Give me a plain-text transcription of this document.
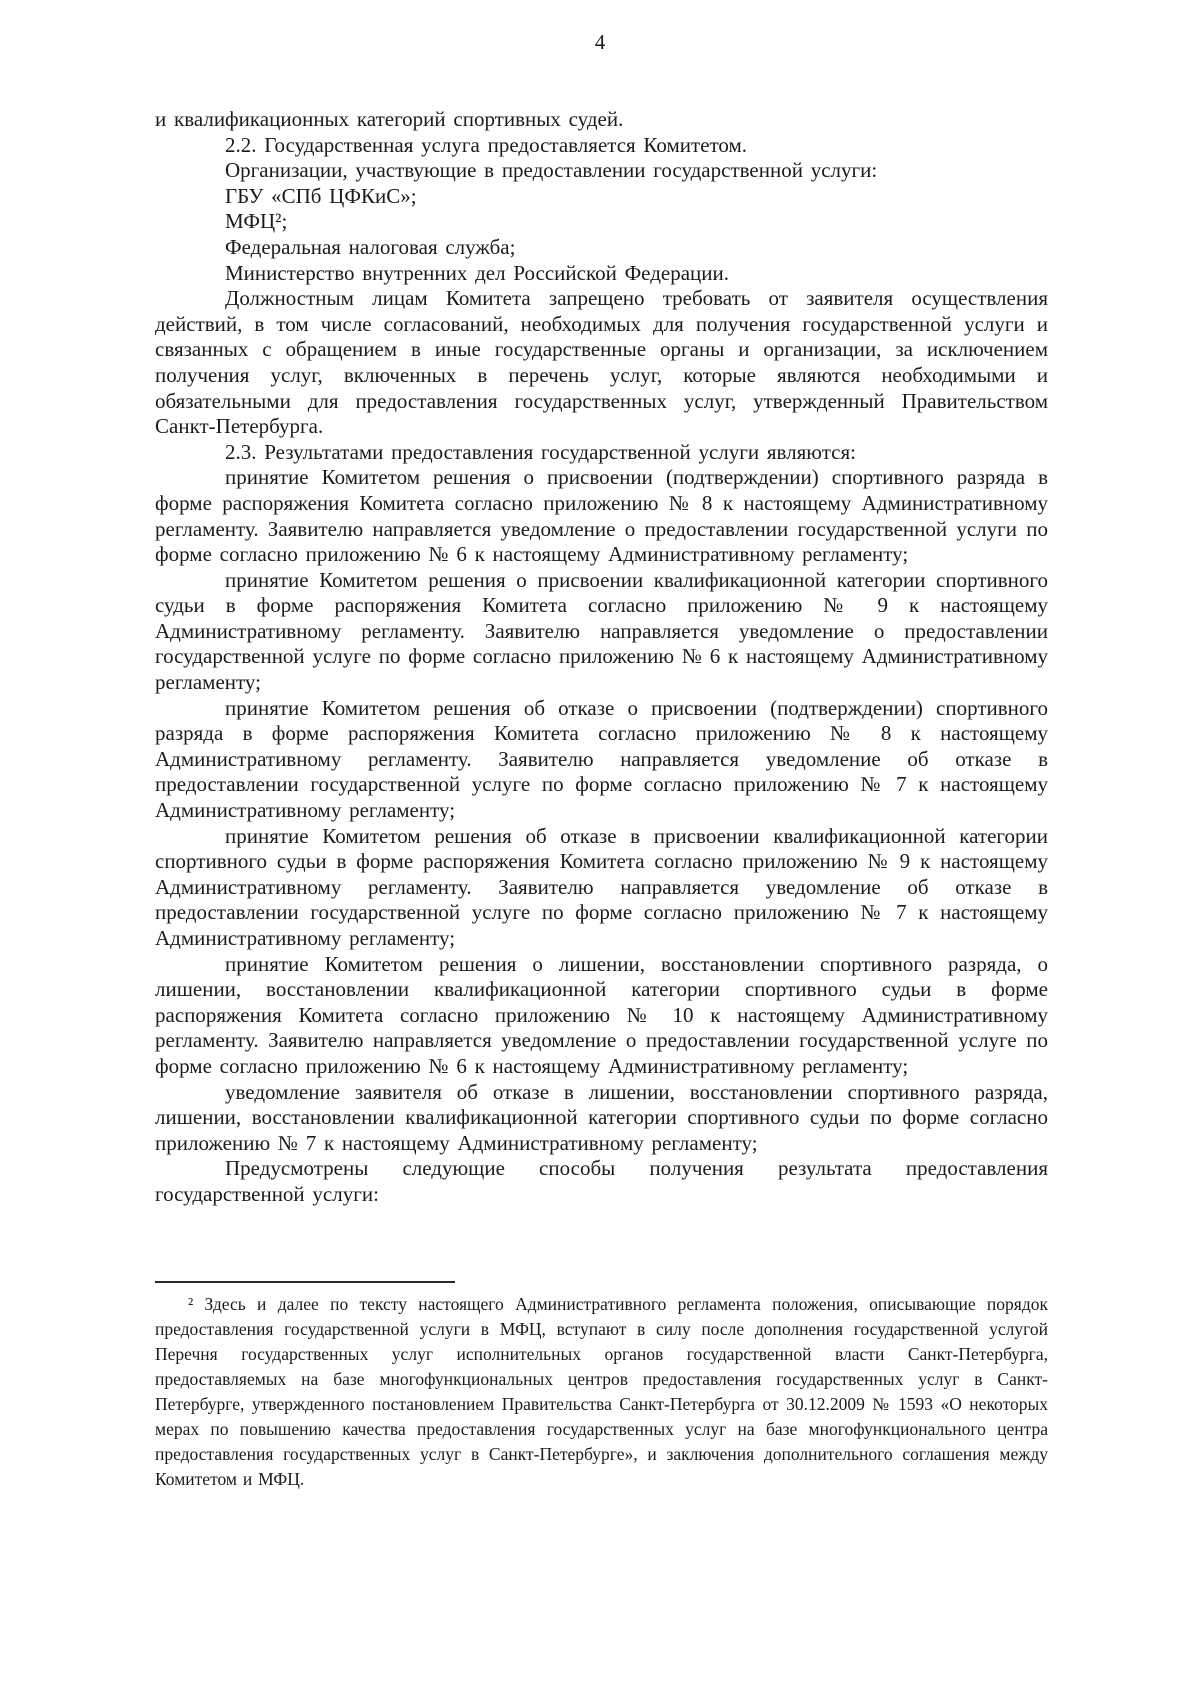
4

и квалификационных категорий спортивных судей.

2.2. Государственная услуга предоставляется Комитетом.

Организации, участвующие в предоставлении государственной услуги:

ГБУ «СПб ЦФКиС»;

МФЦ²;

Федеральная налоговая служба;

Министерство внутренних дел Российской Федерации.

Должностным лицам Комитета запрещено требовать от заявителя осуществления действий, в том числе согласований, необходимых для получения государственной услуги и связанных с обращением в иные государственные органы и организации, за исключением получения услуг, включенных в перечень услуг, которые являются необходимыми и обязательными для предоставления государственных услуг, утвержденный Правительством Санкт-Петербурга.

2.3. Результатами предоставления государственной услуги являются:

принятие Комитетом решения о присвоении (подтверждении) спортивного разряда в форме распоряжения Комитета согласно приложению № 8 к настоящему Административному регламенту. Заявителю направляется уведомление о предоставлении государственной услуги по форме согласно приложению № 6 к настоящему Административному регламенту;

принятие Комитетом решения о присвоении квалификационной категории спортивного судьи в форме распоряжения Комитета согласно приложению № 9 к настоящему Административному регламенту. Заявителю направляется уведомление о предоставлении государственной услуге по форме согласно приложению № 6 к настоящему Административному регламенту;

принятие Комитетом решения об отказе о присвоении (подтверждении) спортивного разряда в форме распоряжения Комитета согласно приложению № 8 к настоящему Административному регламенту. Заявителю направляется уведомление об отказе в предоставлении государственной услуге по форме согласно приложению № 7 к настоящему Административному регламенту;

принятие Комитетом решения об отказе в присвоении квалификационной категории спортивного судьи в форме распоряжения Комитета согласно приложению № 9 к настоящему Административному регламенту. Заявителю направляется уведомление об отказе в предоставлении государственной услуге по форме согласно приложению № 7 к настоящему Административному регламенту;

принятие Комитетом решения о лишении, восстановлении спортивного разряда, о лишении, восстановлении квалификационной категории спортивного судьи в форме распоряжения Комитета согласно приложению № 10 к настоящему Административному регламенту. Заявителю направляется уведомление о предоставлении государственной услуге по форме согласно приложению № 6 к настоящему Административному регламенту;

уведомление заявителя об отказе в лишении, восстановлении спортивного разряда, лишении, восстановлении квалификационной категории спортивного судьи по форме согласно приложению № 7 к настоящему Административному регламенту;

Предусмотрены следующие способы получения результата предоставления государственной услуги:

² Здесь и далее по тексту настоящего Административного регламента положения, описывающие порядок предоставления государственной услуги в МФЦ, вступают в силу после дополнения государственной услугой Перечня государственных услуг исполнительных органов государственной власти Санкт-Петербурга, предоставляемых на базе многофункциональных центров предоставления государственных услуг в Санкт-Петербурге, утвержденного постановлением Правительства Санкт-Петербурга от 30.12.2009 № 1593 «О некоторых мерах по повышению качества предоставления государственных услуг на базе многофункционального центра предоставления государственных услуг в Санкт-Петербурге», и заключения дополнительного соглашения между Комитетом и МФЦ.
